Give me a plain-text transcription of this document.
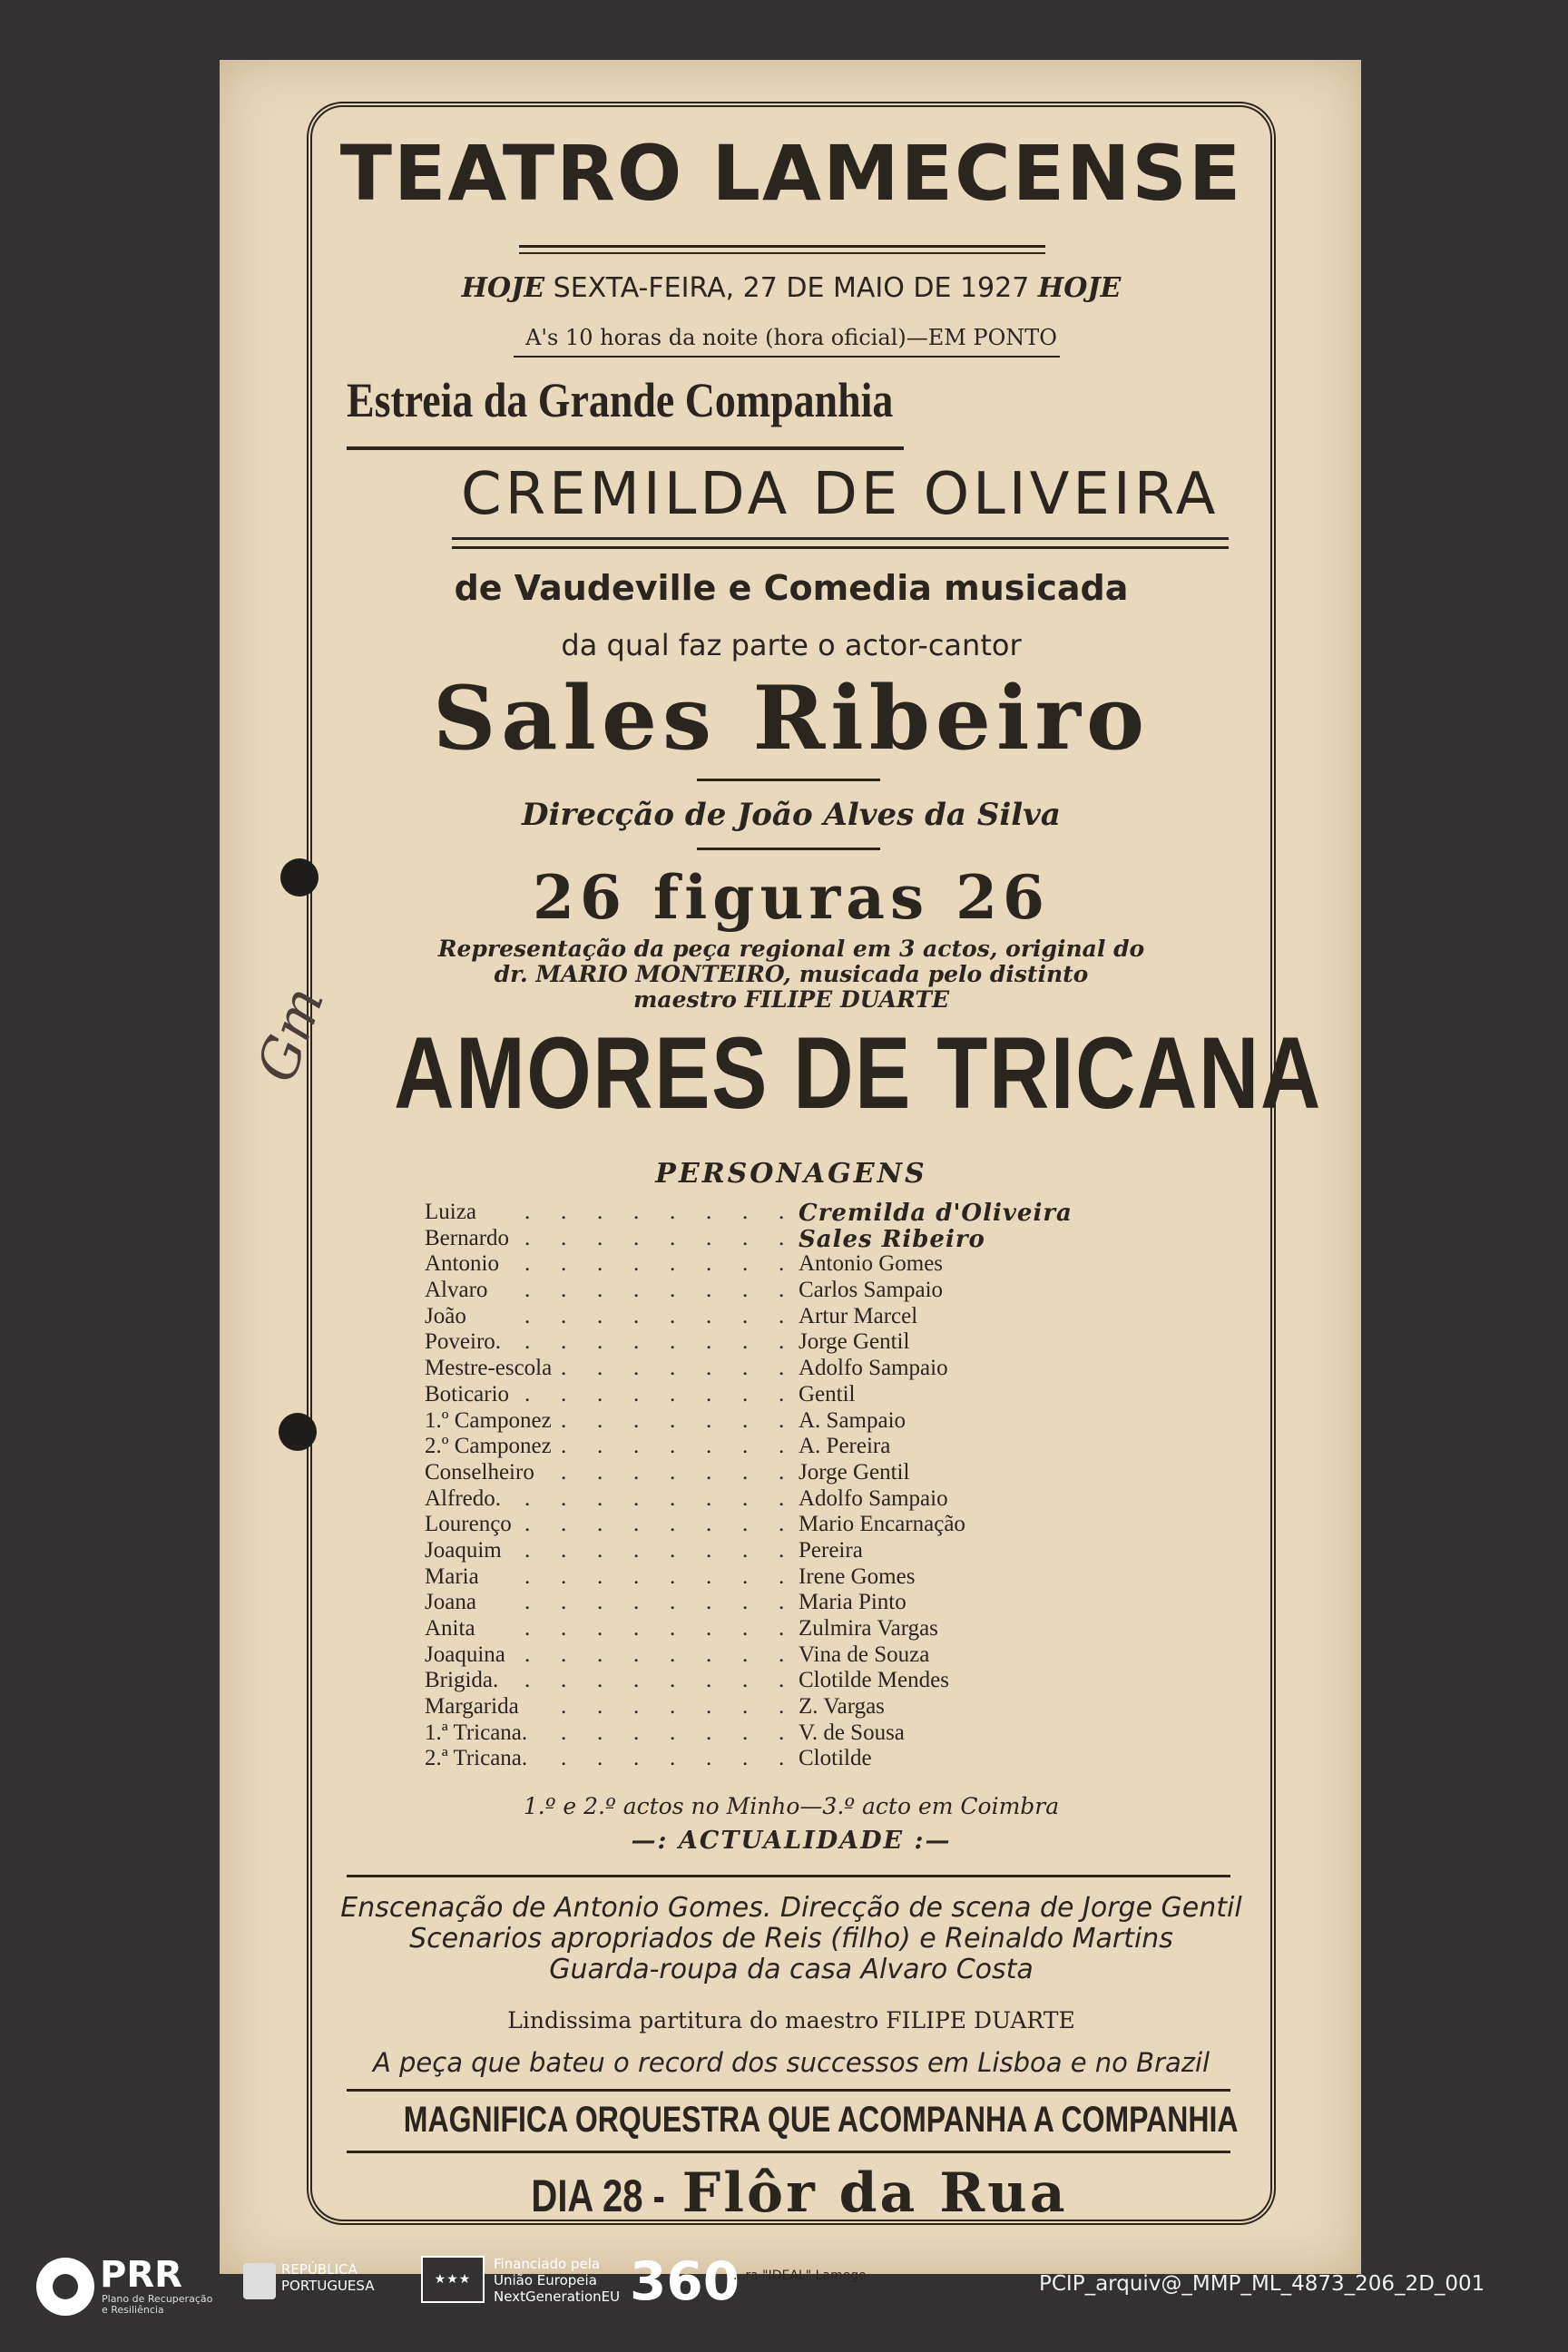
Gm
TEATRO LAMECENSE
HOJE SEXTA-FEIRA, 27 DE MAIO DE 1927 HOJE
A's 10 horas da noite (hora oficial)—EM PONTO
Estreia da Grande Companhia
CREMILDA DE OLIVEIRA
de Vaudeville e Comedia musicada
da qual faz parte o actor-cantor
Sales Ribeiro
Direcção de João Alves da Silva
26 figuras 26
Representação da peça regional em 3 actos, original do
dr. MARIO MONTEIRO, musicada pelo distinto
maestro FILIPE DUARTE
AMORES DE TRICANA
PERSONAGENS
Luiza . . . . . . . . Cremilda d'Oliveira
Bernardo . . . . . . . . Sales Ribeiro
Antonio . . . . . . . . Antonio Gomes
Alvaro . . . . . . . . Carlos Sampaio
João	. . . . . . . . Artur Marcel
Poveiro. . . . . . . . . Jorge Gentil
Mestre-escola . . . . . . . Adolfo Sampaio
Boticario . . . . . . . . Gentil
1.º Camponez . . . . . . . A. Sampaio
2.º Camponez . . . . . . . A. Pereira
Conselheiro . . . . . . . Jorge Gentil
Alfredo. . . . . . . . . Adolfo Sampaio
Lourenço . . . . . . . . Mario Encarnação
Joaquim . . . . . . . . Pereira
Maria . . . . . . . . Irene Gomes
Joana . . . . . . . . Maria Pinto
Anita . . . . . . . . Zulmira Vargas
Joaquina . . . . . . . . Vina de Souza
Brigida. . . . . . . . . Clotilde Mendes
Margarida . . . . . . . Z. Vargas
1.ª Tricana. . . . . . . . V. de Sousa
2.ª Tricana. . . . . . . . Clotilde
1.º e 2.º actos no Minho—3.º acto em Coimbra
—: ACTUALIDADE :—
Enscenação de Antonio Gomes. Direcção de scena de Jorge Gentil
Scenarios apropriados de Reis (filho) e Reinaldo Martins
Guarda-roupa da casa Alvaro Costa
Lindissima partitura do maestro FILIPE DUARTE
A peça que bateu o record dos successos em Lisboa e no Brazil
MAGNIFICA ORQUESTRA QUE ACOMPANHA A COMPANHIA
DIA 28 -Flôr da Rua
PRR
Plano de Recuperação
e Resiliência
REPÚBLICA
PORTUGUESA	★★★
Financiado pela
União Europeia
NextGenerationEU 360
...ra "IDEAL" Lamego	PCIP_arquiv@_MMP_ML_4873_206_2D_001
